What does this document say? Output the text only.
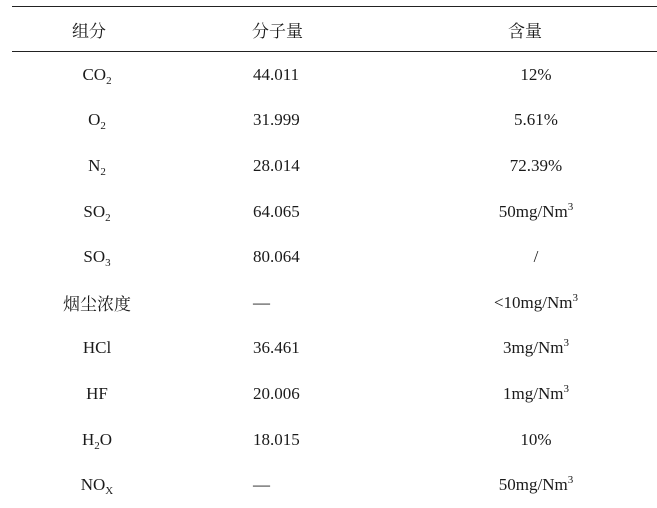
组分	分子量	含量
$CO_2$	44.011	12%
$O_2$	31.999	5.61%
$N_2$	28.014	72.39%
$SO_2$	64.065	50mg/Nm$^3$
$SO_3$	80.064	/
烟尘浓度	—	$<10mg/Nm^3$
HCl	36.461	3mg/Nm$^3$
HF	20.006	1mg/Nm$^3$
$H_2O$	18.015	10%
$NO_X$	—	50mg/Nm$^3$
